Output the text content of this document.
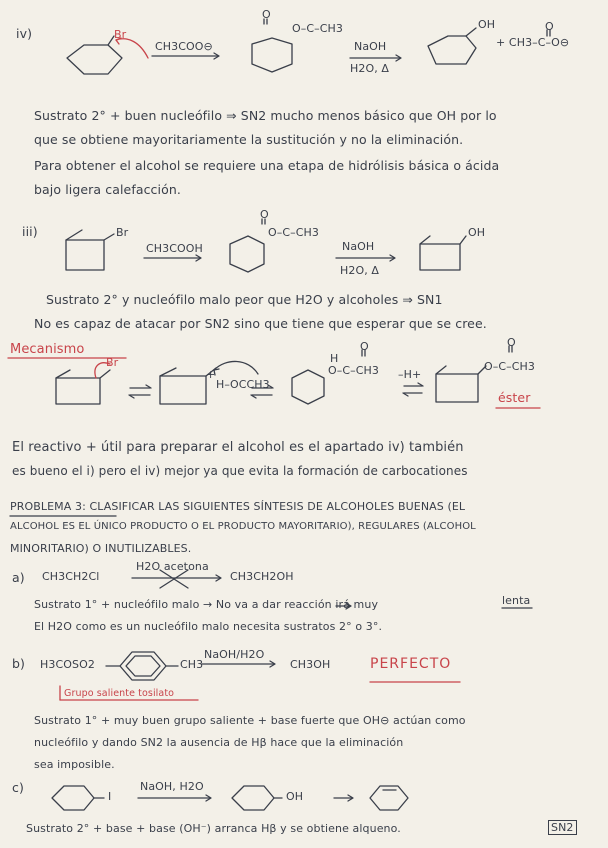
iv)	Br
CH3COO⊖
O
O–C–CH3
NaOH
H2O, Δ
OH	O
+ CH3–C–O⊖
Sustrato 2° + buen nucleófilo ⇒ SN2 mucho menos básico que OH por lo
que se obtiene mayoritariamente la sustitución y no la eliminación.
Para obtener el alcohol se requiere una etapa de hidrólisis básica o ácida
bajo ligera calefacción.
iii)	Br
CH3COOH
O
O–C–CH3
NaOH
H2O, Δ
OH
Sustrato 2° y nucleófilo malo peor que H2O y alcoholes ⇒ SN1
No es capaz de atacar por SN2 sino que tiene que esperar que se cree.
Mecanismo
Br
+
H–OCCH3
H
O
O–C–CH3 –H+
O
O–C–CH3
éster
El reactivo + útil para preparar el alcohol es el apartado iv) también
es bueno el i) pero el iv) mejor ya que evita la formación de carbocationes
PROBLEMA 3: CLASIFICAR LAS SIGUIENTES SÍNTESIS DE ALCOHOLES BUENAS (EL
ALCOHOL ES EL ÚNICO PRODUCTO O EL PRODUCTO MAYORITARIO), REGULARES (ALCOHOL
MINORITARIO) O INUTILIZABLES.
a) CH3CH2Cl
H2O acetona
CH3CH2OH
Sustrato 1° + nucleófilo malo → No va a dar reacción irá muy	lenta
El H2O como es un nucleófilo malo necesita sustratos 2° o 3°.
b) H3COSO2	CH3
NaOH/H2O
CH3OH	PERFECTO
Grupo saliente tosilato
Sustrato 1° + muy buen grupo saliente + base fuerte que OH⊖ actúan como
nucleófilo y dando SN2 la ausencia de Hβ hace que la eliminación
sea imposible.
c)
I
NaOH, H2O
OH
Sustrato 2° + base + base (OH⁻) arranca Hβ y se obtiene alqueno.	SN2
